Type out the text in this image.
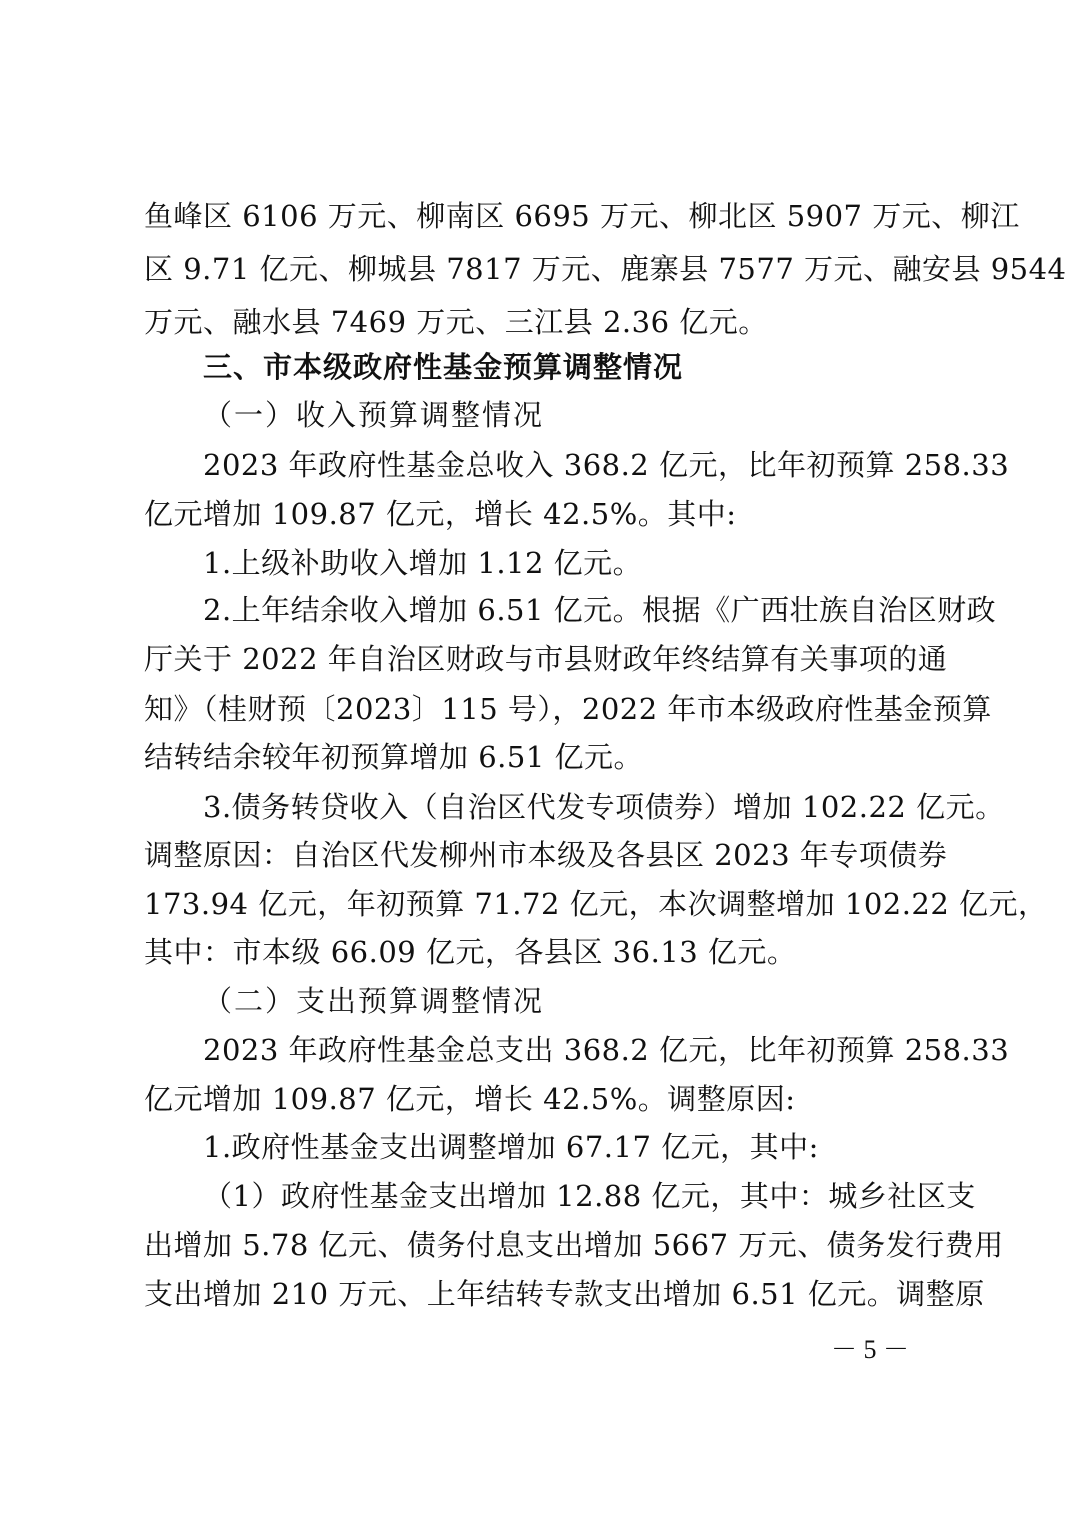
鱼峰区 6106 万元、柳南区 6695 万元、柳北区 5907 万元、柳江
区 9.71 亿元、柳城县 7817 万元、鹿寨县 7577 万元、融安县 9544
万元、融水县 7469 万元、三江县 2.36 亿元。
三、市本级政府性基金预算调整情况
（一）收入预算调整情况
2023 年政府性基金总收入 368.2 亿元，比年初预算 258.33
亿元增加 109.87 亿元，增长 42.5%。其中:
1.上级补助收入增加 1.12 亿元。
2.上年结余收入增加 6.51 亿元。根据《广西壮族自治区财政
厅关于 2022 年自治区财政与市县财政年终结算有关事项的通
知》（桂财预〔2023〕115 号），2022 年市本级政府性基金预算
结转结余较年初预算增加 6.51 亿元。
3.债务转贷收入（自治区代发专项债券）增加 102.22 亿元。
调整原因：自治区代发柳州市本级及各县区 2023 年专项债券
173.94 亿元，年初预算 71.72 亿元，本次调整增加 102.22 亿元，
其中：市本级 66.09 亿元，各县区 36.13 亿元。
（二）支出预算调整情况
2023 年政府性基金总支出 368.2 亿元，比年初预算 258.33
亿元增加 109.87 亿元，增长 42.5%。调整原因:
1.政府性基金支出调整增加 67.17 亿元，其中:
（1）政府性基金支出增加 12.88 亿元，其中：城乡社区支
出增加 5.78 亿元、债务付息支出增加 5667 万元、债务发行费用
支出增加 210 万元、上年结转专款支出增加 6.51 亿元。调整原
－ 5 －
